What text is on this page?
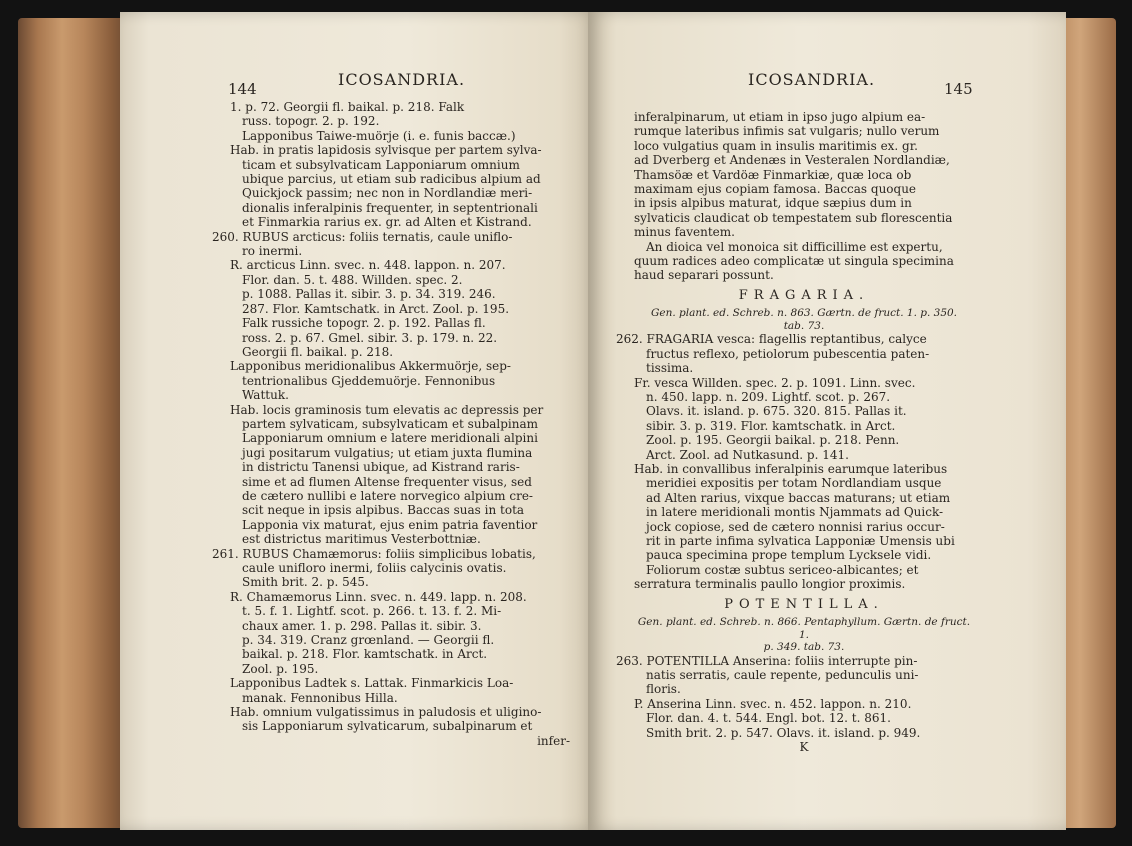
144	ICOSANDRIA.
1. p. 72. Georgii fl. baikal. p. 218. Falk
russ. topogr. 2. p. 192.
Lapponibus Taiwe-muörje (i. e. funis baccæ.)
Hab. in pratis lapidosis sylvisque per partem sylva-
ticam et subsylvaticam Lapponiarum omnium
ubique parcius, ut etiam sub radicibus alpium ad
Quickjock passim; nec non in Nordlandiæ meri-
dionalis inferalpinis frequenter, in septentrionali
et Finmarkia rarius ex. gr. ad Alten et Kistrand.
260. RUBUS arcticus: foliis ternatis, caule uniflo-
ro inermi.
R. arcticus Linn. svec. n. 448. lappon. n. 207.
Flor. dan. 5. t. 488. Willden. spec. 2.
p. 1088. Pallas it. sibir. 3. p. 34. 319. 246.
287. Flor. Kamtschatk. in Arct. Zool. p. 195.
Falk russiche topogr. 2. p. 192. Pallas fl.
ross. 2. p. 67. Gmel. sibir. 3. p. 179. n. 22.
Georgii fl. baikal. p. 218.
Lapponibus meridionalibus Akkermuörje, sep-
tentrionalibus Gjeddemuörje. Fennonibus
Wattuk.
Hab. locis graminosis tum elevatis ac depressis per
partem sylvaticam, subsylvaticam et subalpinam
Lapponiarum omnium e latere meridionali alpini
jugi positarum vulgatius; ut etiam juxta flumina
in districtu Tanensi ubique, ad Kistrand raris-
sime et ad flumen Altense frequenter visus, sed
de cætero nullibi e latere norvegico alpium cre-
scit neque in ipsis alpibus. Baccas suas in tota
Lapponia vix maturat, ejus enim patria faventior
est districtus maritimus Vesterbottniæ.
261. RUBUS Chamæmorus: foliis simplicibus lobatis,
caule unifloro inermi, foliis calycinis ovatis.
Smith brit. 2. p. 545.
R. Chamæmorus Linn. svec. n. 449. lapp. n. 208.
t. 5. f. 1. Lightf. scot. p. 266. t. 13. f. 2. Mi-
chaux amer. 1. p. 298. Pallas it. sibir. 3.
p. 34. 319. Cranz grœnland. — Georgii fl.
baikal. p. 218. Flor. kamtschatk. in Arct.
Zool. p. 195.
Lapponibus Ladtek s. Lattak. Finmarkicis Loa-
manak. Fennonibus Hilla.
Hab. omnium vulgatissimus in paludosis et uligino-
sis Lapponiarum sylvaticarum, subalpinarum et
infer-
ICOSANDRIA.	145
inferalpinarum, ut etiam in ipso jugo alpium ea-
rumque lateribus infimis sat vulgaris; nullo verum
loco vulgatius quam in insulis maritimis ex. gr.
ad Dverberg et Andenæs in Vesteralen Nordlandiæ,
Thamsöæ et Vardöæ Finmarkiæ, quæ loca ob
maximam ejus copiam famosa. Baccas quoque
in ipsis alpibus maturat, idque sæpius dum in
sylvaticis claudicat ob tempestatem sub florescentia
minus faventem.
An dioica vel monoica sit difficillime est expertu,
quum radices adeo complicatæ ut singula specimina
haud separari possunt.
FRAGARIA.
Gen. plant. ed. Schreb. n. 863. Gærtn. de fruct. 1. p. 350.
tab. 73.
262. FRAGARIA vesca: flagellis reptantibus, calyce
fructus reflexo, petiolorum pubescentia paten-
tissima.
Fr. vesca Willden. spec. 2. p. 1091. Linn. svec.
n. 450. lapp. n. 209. Lightf. scot. p. 267.
Olavs. it. island. p. 675. 320. 815. Pallas it.
sibir. 3. p. 319. Flor. kamtschatk. in Arct.
Zool. p. 195. Georgii baikal. p. 218. Penn.
Arct. Zool. ad Nutkasund. p. 141.
Hab. in convallibus inferalpinis earumque lateribus
meridiei expositis per totam Nordlandiam usque
ad Alten rarius, vixque baccas maturans; ut etiam
in latere meridionali montis Njammats ad Quick-
jock copiose, sed de cætero nonnisi rarius occur-
rit in parte infima sylvatica Lapponiæ Umensis ubi
pauca specimina prope templum Lycksele vidi.
Foliorum costæ subtus sericeo-albicantes; et
serratura terminalis paullo longior proximis.
POTENTILLA.
Gen. plant. ed. Schreb. n. 866. Pentaphyllum. Gærtn. de fruct. 1.
p. 349. tab. 73.
263. POTENTILLA Anserina: foliis interrupte pin-
natis serratis, caule repente, pedunculis uni-
floris.
P. Anserina Linn. svec. n. 452. lappon. n. 210.
Flor. dan. 4. t. 544. Engl. bot. 12. t. 861.
Smith brit. 2. p. 547. Olavs. it. island. p. 949.
K
